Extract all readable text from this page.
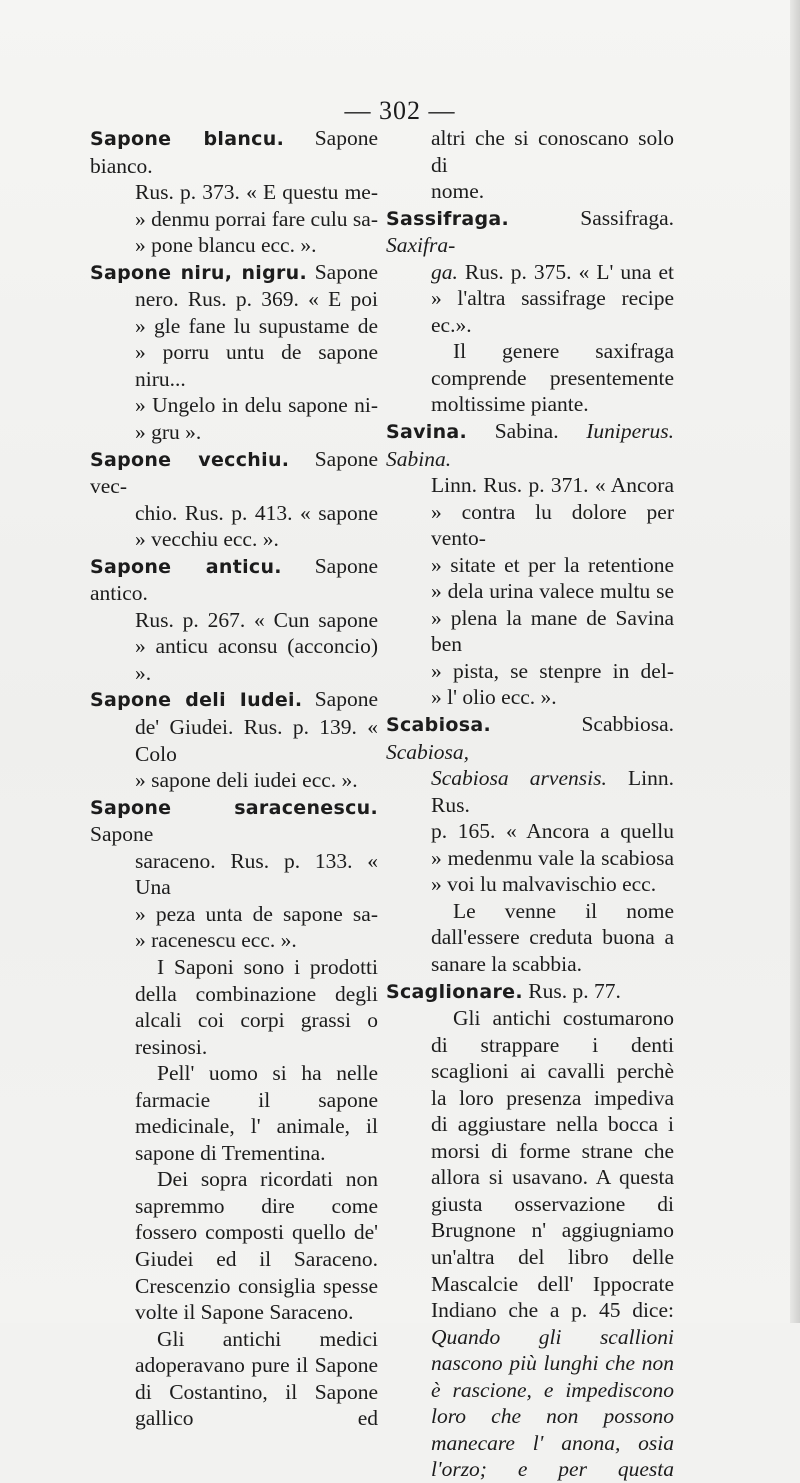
— 302 —
Sapone blancu. Sapone bianco.
Rus. p. 373. « E questu me-
» denmu porrai fare culu sa-
» pone blancu ecc. ».
Sapone niru, nigru. Sapone
nero. Rus. p. 369. « E poi
» gle fane lu supustame de
» porru untu de sapone niru...
» Ungelo in delu sapone ni-
» gru ».
Sapone vecchiu. Sapone vec-
chio. Rus. p. 413. « sapone
» vecchiu ecc. ».
Sapone anticu. Sapone antico.
Rus. p. 267. « Cun sapone
» anticu aconsu (acconcio) ».
Sapone deli Iudei. Sapone
de' Giudei. Rus. p. 139. « Colo
» sapone deli iudei ecc. ».
Sapone saracenescu. Sapone
saraceno. Rus. p. 133. « Una
» peza unta de sapone sa-
» racenescu ecc. ».

I Saponi sono i prodotti della combinazione degli alcali coi corpi grassi o resinosi.

Pell' uomo si ha nelle farmacie il sapone medicinale, l' animale, il sapone di Trementina.

Dei sopra ricordati non sapremmo dire come fossero composti quello de' Giudei ed il Saraceno. Crescenzio consiglia spesse volte il Sapone Saraceno.

Gli antichi medici adoperavano pure il Sapone di Costantino, il Sapone gallico ed

altri che si conoscano solo di
nome.
Sassifraga.	Sassifraga. Saxifra-
ga. Rus. p. 375. « L' una et
» l'altra sassifrage recipe ec.».

Il genere saxifraga comprende presentemente moltissime piante.

Savina. Sabina. Iuniperus. Sabina.
Linn. Rus. p. 371. « Ancora
» contra lu dolore per vento-
» sitate et per la retentione
» dela urina valece multu se
» plena la mane de Savina ben
» pista, se stenpre in del-
» l' olio ecc. ».
Scabiosa.	Scabbiosa. Scabiosa,
Scabiosa arvensis. Linn. Rus.
p. 165. « Ancora a quellu
» medenmu vale la scabiosa
» voi lu malvavischio ecc.

Le venne il nome dall'essere creduta buona a sanare la scabbia.

Scaglionare. Rus. p. 77.

Gli antichi costumarono di strappare i denti scaglioni ai cavalli perchè la loro presenza impediva di aggiustare nella bocca i morsi di forme strane che allora si usavano. A questa giusta osservazione di Brugnone n' aggiugniamo un'altra del libro delle Mascalcie dell' Ippocrate Indiano che a p. 45 dice: Quando gli scallioni nascono più lunghi che non è rascione, e impediscono loro che non possono manecare l' anona, osia l'orzo; e per questa
